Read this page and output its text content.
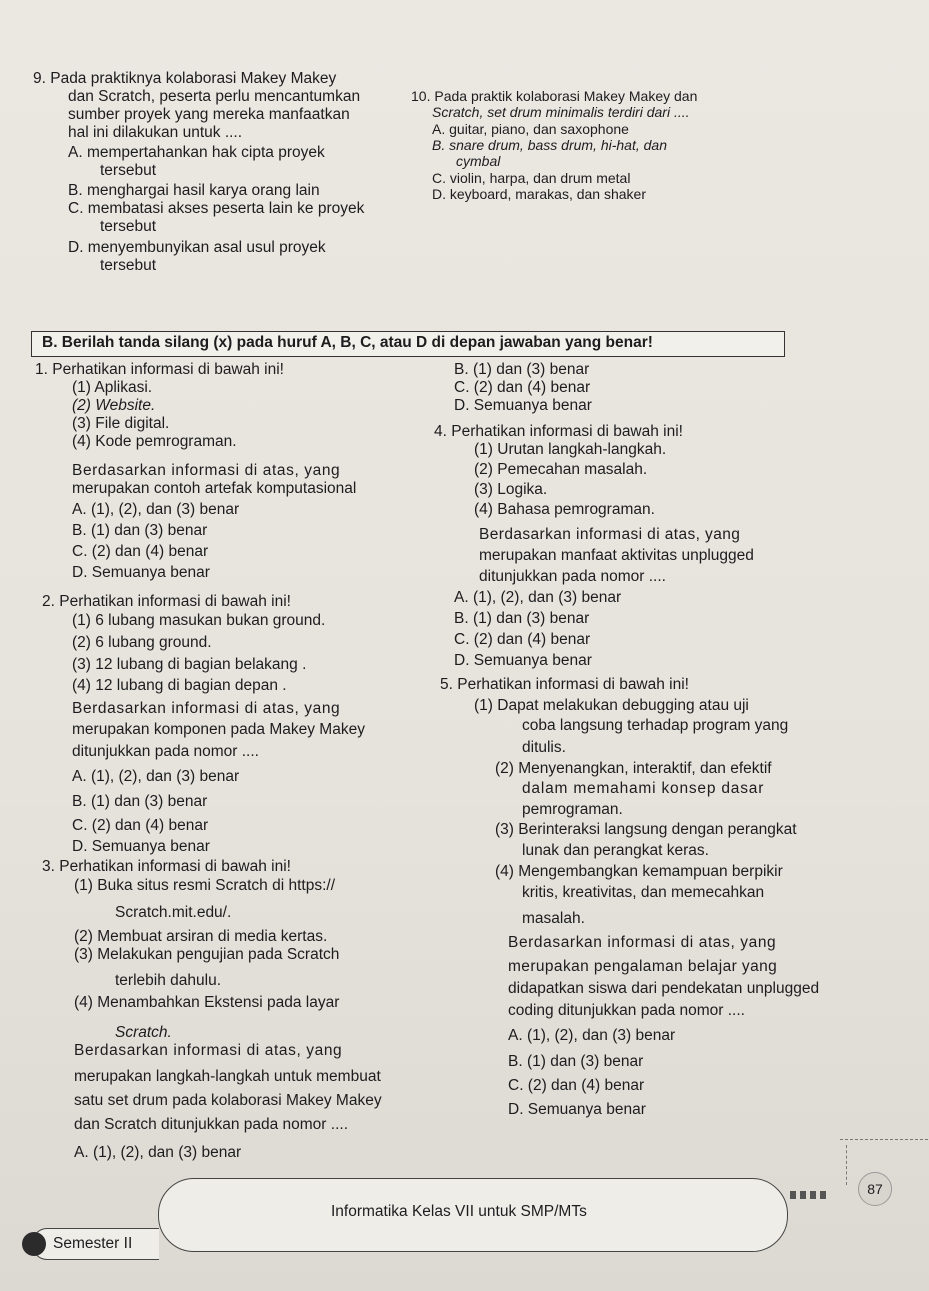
9. Pada praktiknya kolaborasi Makey Makey
dan Scratch, peserta perlu mencantumkan
sumber proyek yang mereka manfaatkan
hal ini dilakukan untuk ....
A. mempertahankan hak cipta proyek
tersebut
B. menghargai hasil karya orang lain
C. membatasi akses peserta lain ke proyek
tersebut
D. menyembunyikan asal usul proyek
tersebut
10. Pada praktik kolaborasi Makey Makey dan
Scratch, set drum minimalis terdiri dari ....
A. guitar, piano, dan saxophone
B. snare drum, bass drum, hi-hat, dan
cymbal
C. violin, harpa, dan drum metal
D. keyboard, marakas, dan shaker
B. Berilah tanda silang (x) pada huruf A, B, C, atau D di depan jawaban yang benar!
1. Perhatikan informasi di bawah ini!
(1) Aplikasi.
(2) Website.
(3) File digital.
(4) Kode pemrograman.
Berdasarkan informasi di atas, yang
merupakan contoh artefak komputasional
A. (1), (2), dan (3) benar
B. (1) dan (3) benar
C. (2) dan (4) benar
D. Semuanya benar
2. Perhatikan informasi di bawah ini!
(1) 6 lubang masukan bukan ground.
(2) 6 lubang ground.
(3) 12 lubang di bagian belakang .
(4) 12 lubang di bagian depan .
Berdasarkan informasi di atas, yang
merupakan komponen pada Makey Makey
ditunjukkan pada nomor ....
A. (1), (2), dan (3) benar
B. (1) dan (3) benar
C. (2) dan (4) benar
D. Semuanya benar
3. Perhatikan informasi di bawah ini!
(1) Buka situs resmi Scratch di https://
Scratch.mit.edu/.
(2) Membuat arsiran di media kertas.
(3) Melakukan pengujian pada Scratch
terlebih dahulu.
(4) Menambahkan Ekstensi pada layar
Scratch.
Berdasarkan informasi di atas, yang
merupakan langkah-langkah untuk membuat
satu set drum pada kolaborasi Makey Makey
dan Scratch ditunjukkan pada nomor ....
A. (1), (2), dan (3) benar
B. (1) dan (3) benar
C. (2) dan (4) benar
D. Semuanya benar
4. Perhatikan informasi di bawah ini!
(1) Urutan langkah-langkah.
(2) Pemecahan masalah.
(3) Logika.
(4) Bahasa pemrograman.
Berdasarkan informasi di atas, yang
merupakan manfaat aktivitas unplugged
ditunjukkan pada nomor ....
A. (1), (2), dan (3) benar
B. (1) dan (3) benar
C. (2) dan (4) benar
D. Semuanya benar
5. Perhatikan informasi di bawah ini!
(1) Dapat melakukan debugging atau uji
coba langsung terhadap program yang
ditulis.
(2) Menyenangkan, interaktif, dan efektif
dalam memahami konsep dasar
pemrograman.
(3) Berinteraksi langsung dengan perangkat
lunak dan perangkat keras.
(4) Mengembangkan kemampuan berpikir
kritis, kreativitas, dan memecahkan
masalah.
Berdasarkan informasi di atas, yang
merupakan pengalaman belajar yang
didapatkan siswa dari pendekatan unplugged
coding ditunjukkan pada nomor ....
A. (1), (2), dan (3) benar
B. (1) dan (3) benar
C. (2) dan (4) benar
D. Semuanya benar
Informatika Kelas VII untuk SMP/MTs
Semester II
87
